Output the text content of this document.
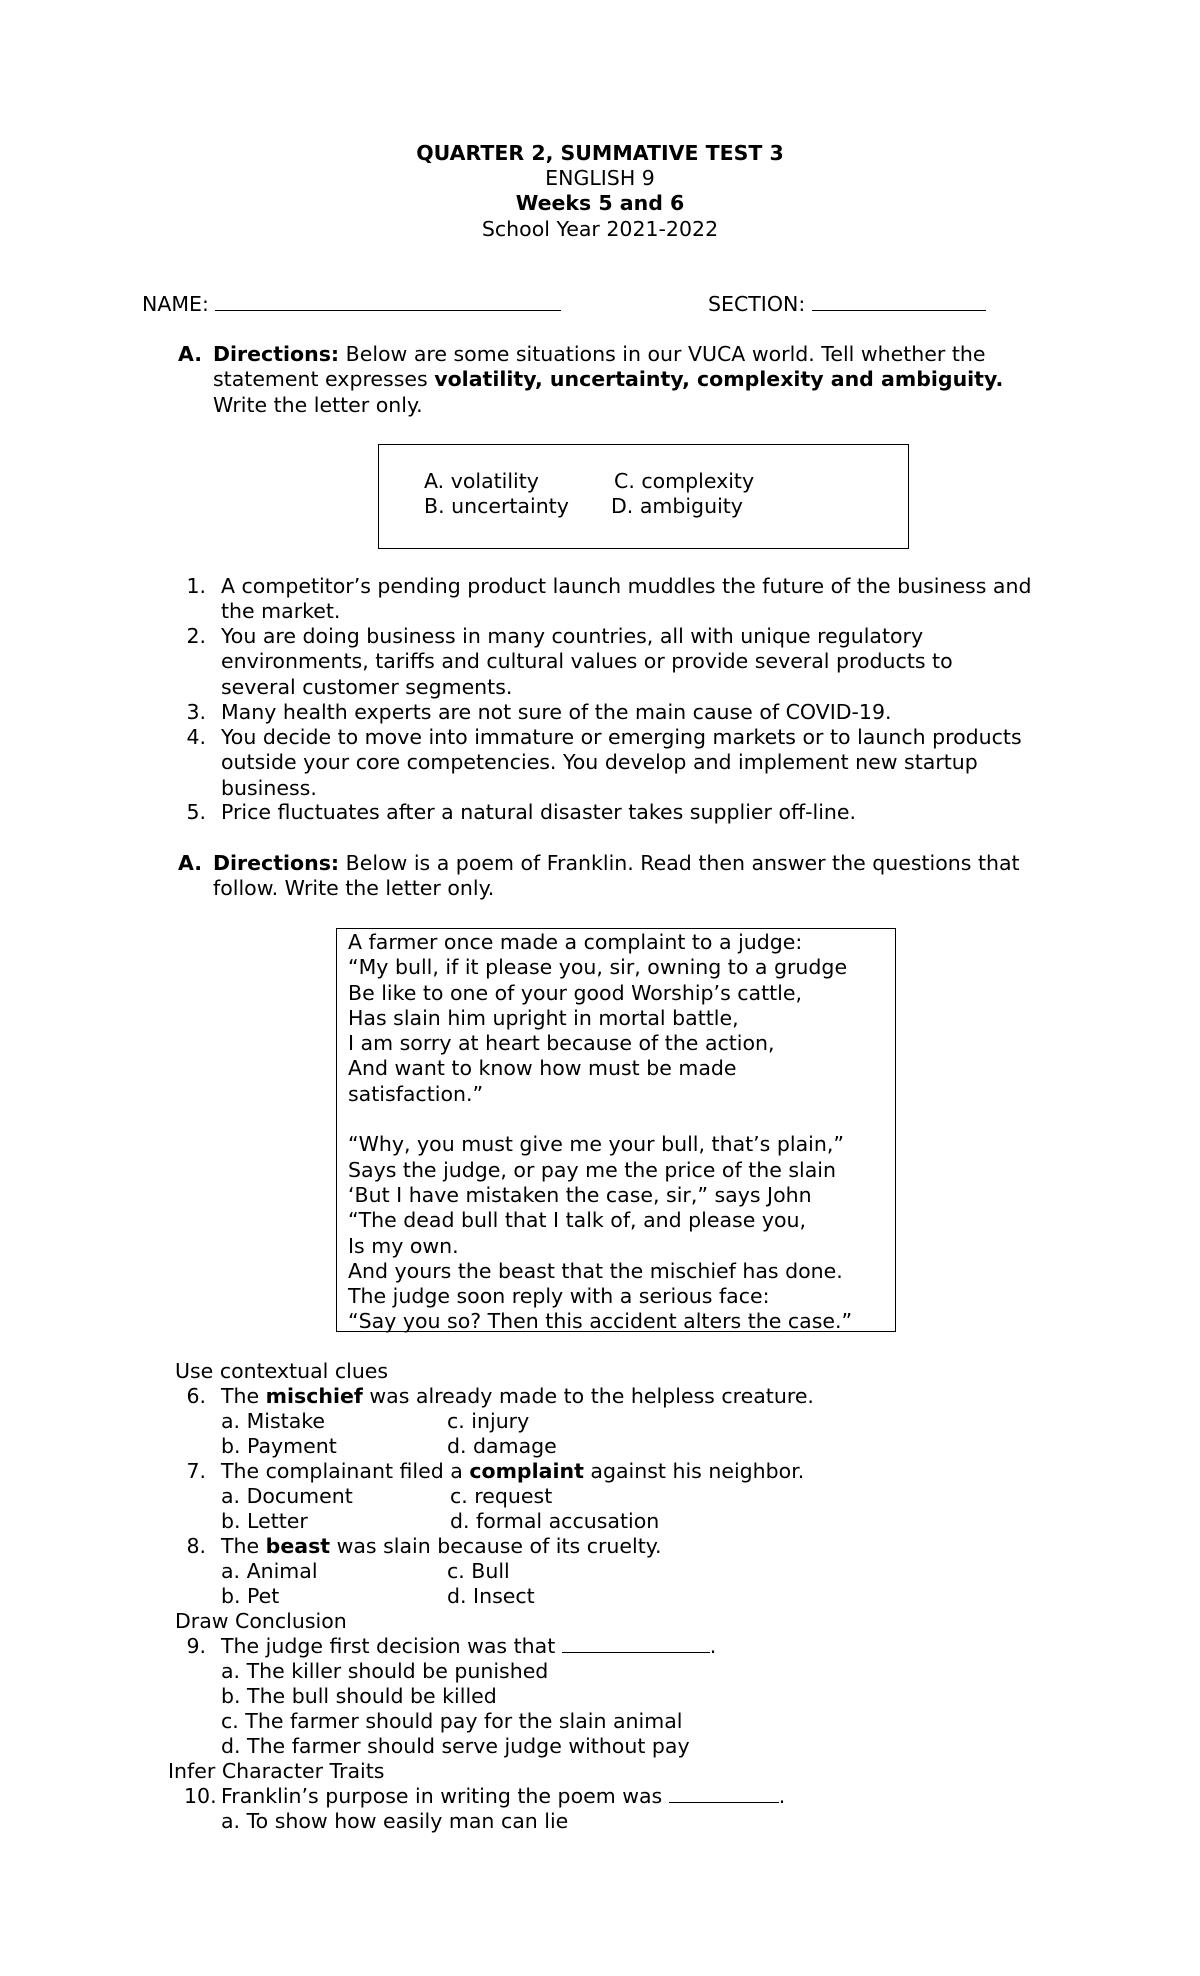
QUARTER 2, SUMMATIVE TEST 3
ENGLISH 9
Weeks 5 and 6
School Year 2021-2022
NAME:	SECTION:
A. Directions: Below are some situations in our VUCA world. Tell whether the statement expresses volatility, uncertainty, complexity and ambiguity. Write the letter only.
A. volatility
B. uncertainty
C. complexity
D. ambiguity
1. A competitor’s pending product launch muddles the future of the business and the market.
2. You are doing business in many countries, all with unique regulatory environments, tariffs and cultural values or provide several products to several customer segments.
3. Many health experts are not sure of the main cause of COVID-19.
4. You decide to move into immature or emerging markets or to launch products outside your core competencies. You develop and implement new startup business.
5. Price fluctuates after a natural disaster takes supplier off-line.
A. Directions: Below is a poem of Franklin. Read then answer the questions that follow. Write the letter only.
A farmer once made a complaint to a judge:
“My bull, if it please you, sir, owning to a grudge
Be like to one of your good Worship’s cattle,
Has slain him upright in mortal battle,
I am sorry at heart because of the action,
And want to know how must be made
satisfaction.”
“Why, you must give me your bull, that’s plain,”
Says the judge, or pay me the price of the slain
‘But I have mistaken the case, sir,” says John
“The dead bull that I talk of, and please you,
Is my own.
And yours the beast that the mischief has done.
The judge soon reply with a serious face:
“Say you so? Then this accident alters the case.”
Use contextual clues
6. The mischief was already made to the helpless creature.
a. Mistake	c. injury
b. Payment	d. damage
7. The complainant filed a complaint against his neighbor.
a. Document	c. request
b. Letter	d. formal accusation
8. The beast was slain because of its cruelty.
a. Animal	c. Bull
b. Pet	d. Insect
Draw Conclusion
9. The judge first decision was that	.
a. The killer should be punished
b. The bull should be killed
c. The farmer should pay for the slain animal
d. The farmer should serve judge without pay
Infer Character Traits
10. Franklin’s purpose in writing the poem was	.
a. To show how easily man can lie
